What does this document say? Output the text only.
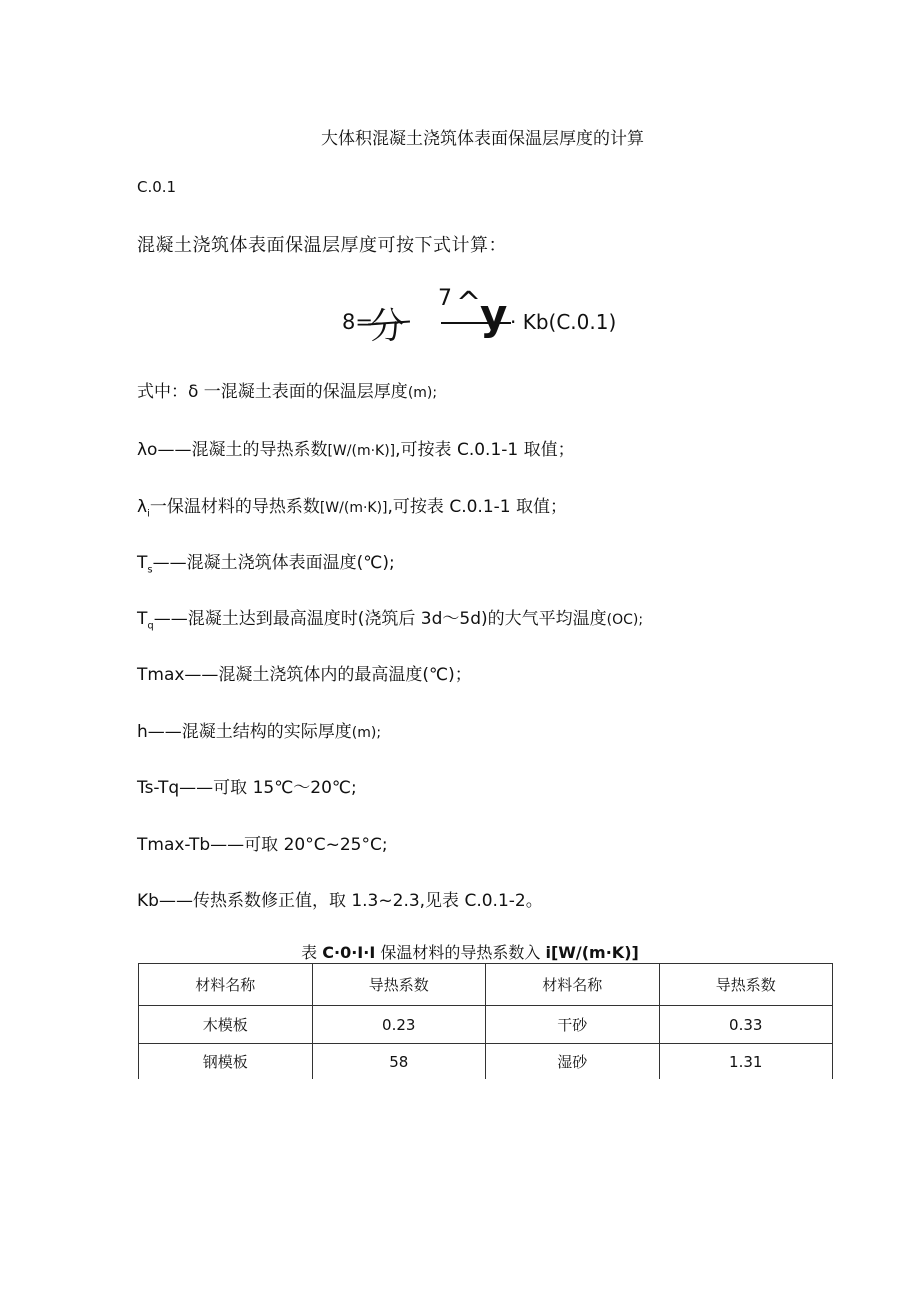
大体积混凝土浇筑体表面保温层厚度的计算
C.0.1
混凝土浇筑体表面保温层厚度可按下式计算：
8=
分
7 ^
y · Kb(C.0.1)
式中：δ 一混凝土表面的保温层厚度(m);
λo——混凝土的导热系数[W/(m·K)],可按表 C.0.1-1 取值；
$\lambda_i$一保温材料的导热系数[W/(m·K)],可按表 C.0.1-1 取值；
$T_s——$混凝土浇筑体表面温度(℃);
$T_q——$混凝土达到最高温度时(浇筑后 3d～5d)的大气平均温度(OC);
Tmax——混凝土浇筑体内的最高温度(℃)；
h——混凝土结构的实际厚度(m);
Ts-Tq——可取 15℃～20℃;
Tmax-Tb——可取 20°C~25°C;
Kb——传热系数修正值，取 1.3~2.3,见表 C.0.1-2。
表 C·0·I·I 保温材料的导热系数入 i[W/(m·K)]
材料名称	导热系数	材料名称	导热系数
木模板	0.23	干砂	0.33
钢模板	58	湿砂	1.31
